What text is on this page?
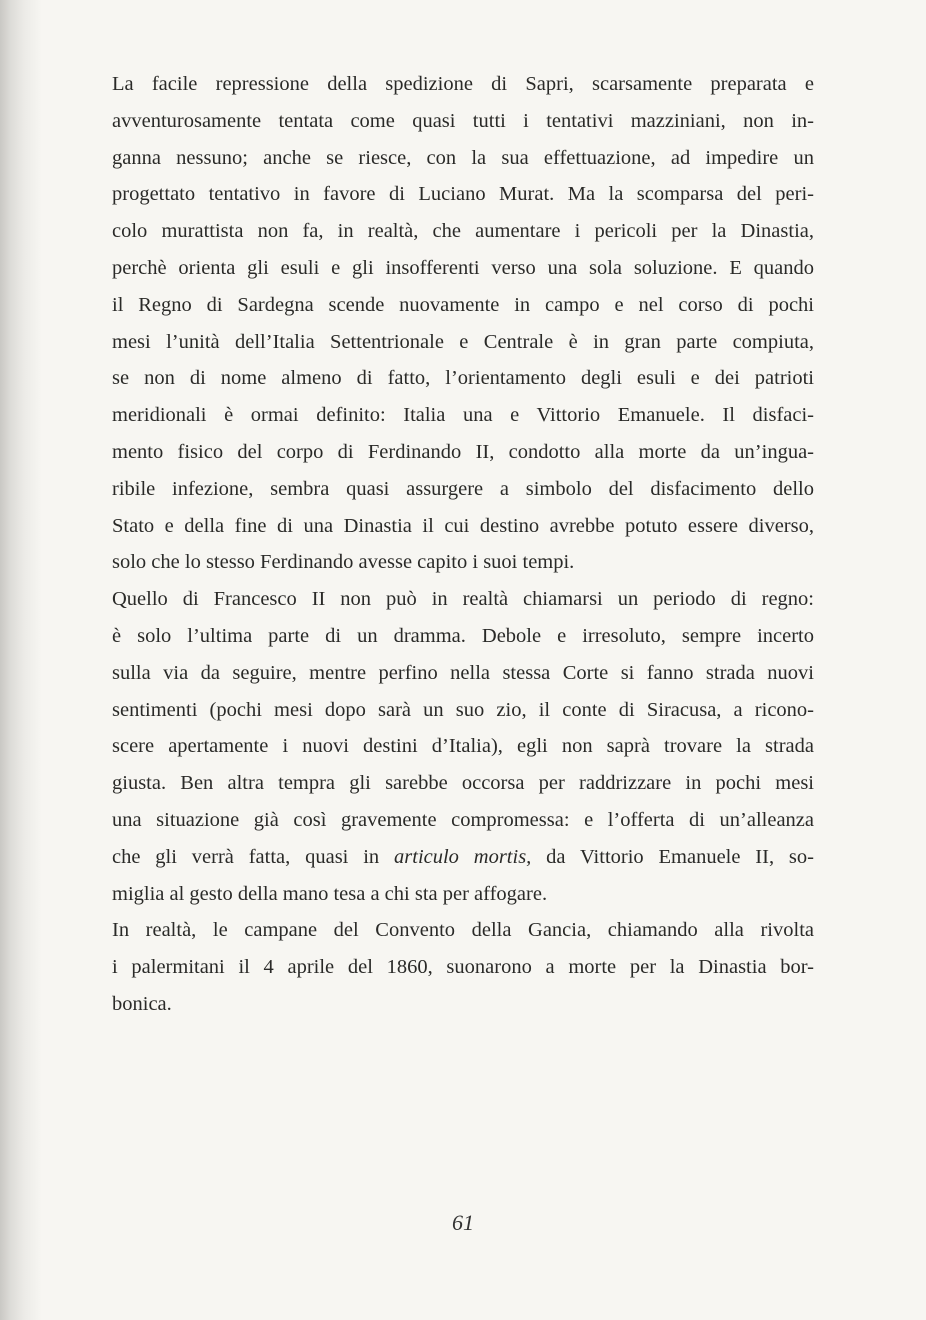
La facile repressione della spedizione di Sapri, scarsamente preparata e
avventurosamente tentata come quasi tutti i tentativi mazziniani, non in-
ganna nessuno; anche se riesce, con la sua effettuazione, ad impedire un
progettato tentativo in favore di Luciano Murat. Ma la scomparsa del peri-
colo murattista non fa, in realtà, che aumentare i pericoli per la Dinastia,
perchè orienta gli esuli e gli insofferenti verso una sola soluzione. E quando
il Regno di Sardegna scende nuovamente in campo e nel corso di pochi
mesi l’unità dell’Italia Settentrionale e Centrale è in gran parte compiuta,
se non di nome almeno di fatto, l’orientamento degli esuli e dei patrioti
meridionali è ormai definito: Italia una e Vittorio Emanuele. Il disfaci-
mento fisico del corpo di Ferdinando II, condotto alla morte da un’ingua-
ribile infezione, sembra quasi assurgere a simbolo del disfacimento dello
Stato e della fine di una Dinastia il cui destino avrebbe potuto essere diverso,
solo che lo stesso Ferdinando avesse capito i suoi tempi.

Quello di Francesco II non può in realtà chiamarsi un periodo di regno:
è solo l’ultima parte di un dramma. Debole e irresoluto, sempre incerto
sulla via da seguire, mentre perfino nella stessa Corte si fanno strada nuovi
sentimenti (pochi mesi dopo sarà un suo zio, il conte di Siracusa, a ricono-
scere apertamente i nuovi destini d’Italia), egli non saprà trovare la strada
giusta. Ben altra tempra gli sarebbe occorsa per raddrizzare in pochi mesi
una situazione già così gravemente compromessa: e l’offerta di un’alleanza
che gli verrà fatta, quasi in articulo mortis, da Vittorio Emanuele II, so-
miglia al gesto della mano tesa a chi sta per affogare.

In realtà, le campane del Convento della Gancia, chiamando alla rivolta
i palermitani il 4 aprile del 1860, suonarono a morte per la Dinastia bor-
bonica.

61
